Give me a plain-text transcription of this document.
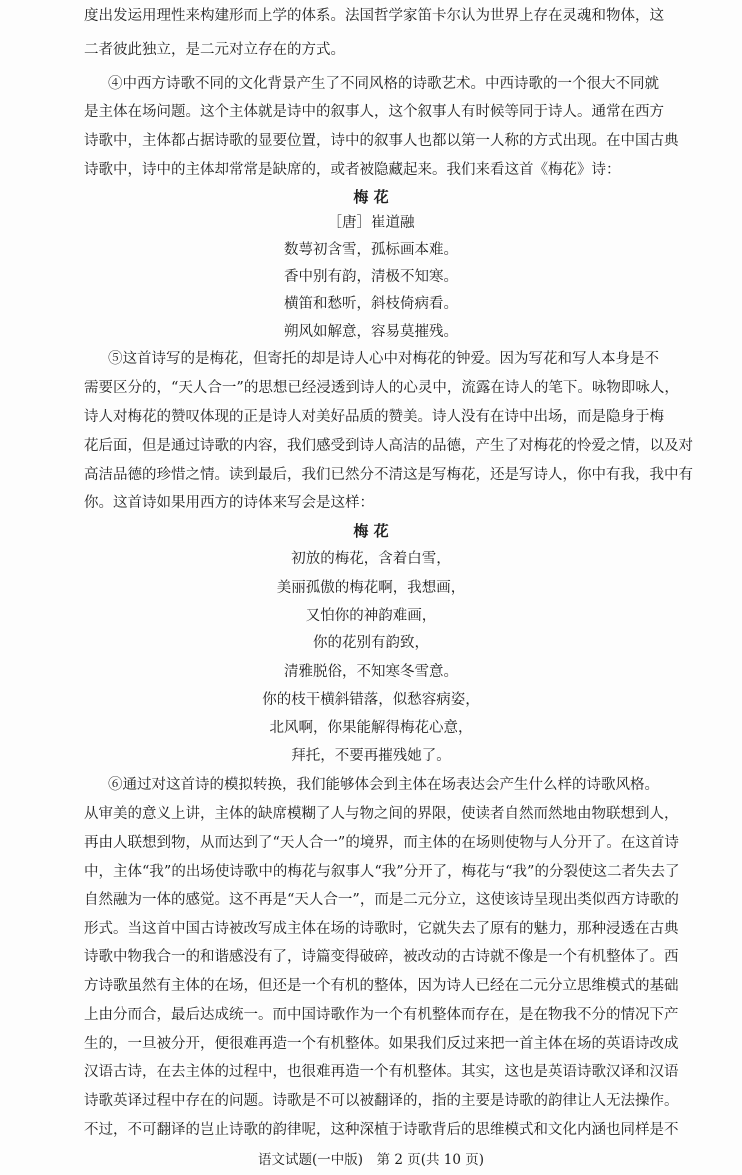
度出发运用理性来构建形而上学的体系。法国哲学家笛卡尔认为世界上存在灵魂和物体，这
二者彼此独立，是二元对立存在的方式。
④中西方诗歌不同的文化背景产生了不同风格的诗歌艺术。中西诗歌的一个很大不同就
是主体在场问题。这个主体就是诗中的叙事人，这个叙事人有时候等同于诗人。通常在西方
诗歌中，主体都占据诗歌的显要位置，诗中的叙事人也都以第一人称的方式出现。在中国古典
诗歌中，诗中的主体却常常是缺席的，或者被隐藏起来。我们来看这首《梅花》诗：
梅 花
［唐］崔道融
数萼初含雪，孤标画本难。
香中别有韵，清极不知寒。
横笛和愁听，斜枝倚病看。
朔风如解意，容易莫摧残。
⑤这首诗写的是梅花，但寄托的却是诗人心中对梅花的钟爱。因为写花和写人本身是不
需要区分的，“天人合一”的思想已经浸透到诗人的心灵中，流露在诗人的笔下。咏物即咏人，
诗人对梅花的赞叹体现的正是诗人对美好品质的赞美。诗人没有在诗中出场，而是隐身于梅
花后面，但是通过诗歌的内容，我们感受到诗人高洁的品德，产生了对梅花的怜爱之情，以及对
高洁品德的珍惜之情。读到最后，我们已然分不清这是写梅花，还是写诗人，你中有我，我中有
你。这首诗如果用西方的诗体来写会是这样：
梅 花
初放的梅花，含着白雪，
美丽孤傲的梅花啊，我想画，
又怕你的神韵难画，
你的花别有韵致，
清雅脱俗，不知寒冬雪意。
你的枝干横斜错落，似愁容病姿，
北风啊，你果能解得梅花心意，
拜托，不要再摧残她了。
⑥通过对这首诗的模拟转换，我们能够体会到主体在场表达会产生什么样的诗歌风格。
从审美的意义上讲，主体的缺席模糊了人与物之间的界限，使读者自然而然地由物联想到人，
再由人联想到物，从而达到了“天人合一”的境界，而主体的在场则使物与人分开了。在这首诗
中，主体“我”的出场使诗歌中的梅花与叙事人“我”分开了，梅花与“我”的分裂使这二者失去了
自然融为一体的感觉。这不再是“天人合一”，而是二元分立，这使该诗呈现出类似西方诗歌的
形式。当这首中国古诗被改写成主体在场的诗歌时，它就失去了原有的魅力，那种浸透在古典
诗歌中物我合一的和谐感没有了，诗篇变得破碎，被改动的古诗就不像是一个有机整体了。西
方诗歌虽然有主体的在场，但还是一个有机的整体，因为诗人已经在二元分立思维模式的基础
上由分而合，最后达成统一。而中国诗歌作为一个有机整体而存在，是在物我不分的情况下产
生的，一旦被分开，便很难再造一个有机整体。如果我们反过来把一首主体在场的英语诗改成
汉语古诗，在去主体的过程中，也很难再造一个有机整体。其实，这也是英语诗歌汉译和汉语
诗歌英译过程中存在的问题。诗歌是不可以被翻译的，指的主要是诗歌的韵律让人无法操作。
不过，不可翻译的岂止诗歌的韵律呢，这种深植于诗歌背后的思维模式和文化内涵也同样是不
语文试题(一中版)　第 2 页(共 10 页)
